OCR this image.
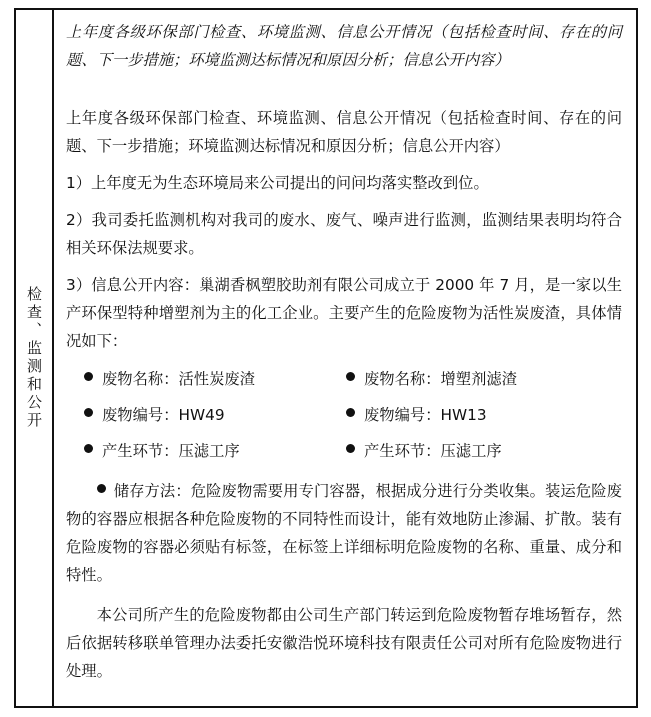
检查、监测和公开

上年度各级环保部门检查、环境监测、信息公开情况（包括检查时间、存在的问题、下一步措施；环境监测达标情况和原因分析；信息公开内容）

上年度各级环保部门检查、环境监测、信息公开情况（包括检查时间、存在的问题、下一步措施；环境监测达标情况和原因分析；信息公开内容）

1）上年度无为生态环境局来公司提出的问问均落实整改到位。

2）我司委托监测机构对我司的废水、废气、噪声进行监测，监测结果表明均符合相关环保法规要求。

3）信息公开内容：巢湖香枫塑胶助剂有限公司成立于 2000 年 7 月，是一家以生产环保型特种增塑剂为主的化工企业。主要产生的危险废物为活性炭废渣，具体情况如下：

废物名称： 活性炭废渣	废物名称： 增塑剂滤渣
废物编号： HW49	废物编号： HW13
产生环节： 压滤工序	产生环节： 压滤工序

储存方法：危险废物需要用专门容器，根据成分进行分类收集。装运危险废物的容器应根据各种危险废物的不同特性而设计，能有效地防止渗漏、扩散。装有危险废物的容器必须贴有标签，在标签上详细标明危险废物的名称、重量、成分和特性。

本公司所产生的危险废物都由公司生产部门转运到危险废物暂存堆场暂存，然后依据转移联单管理办法委托安徽浩悦环境科技有限责任公司对所有危险废物进行处理。
